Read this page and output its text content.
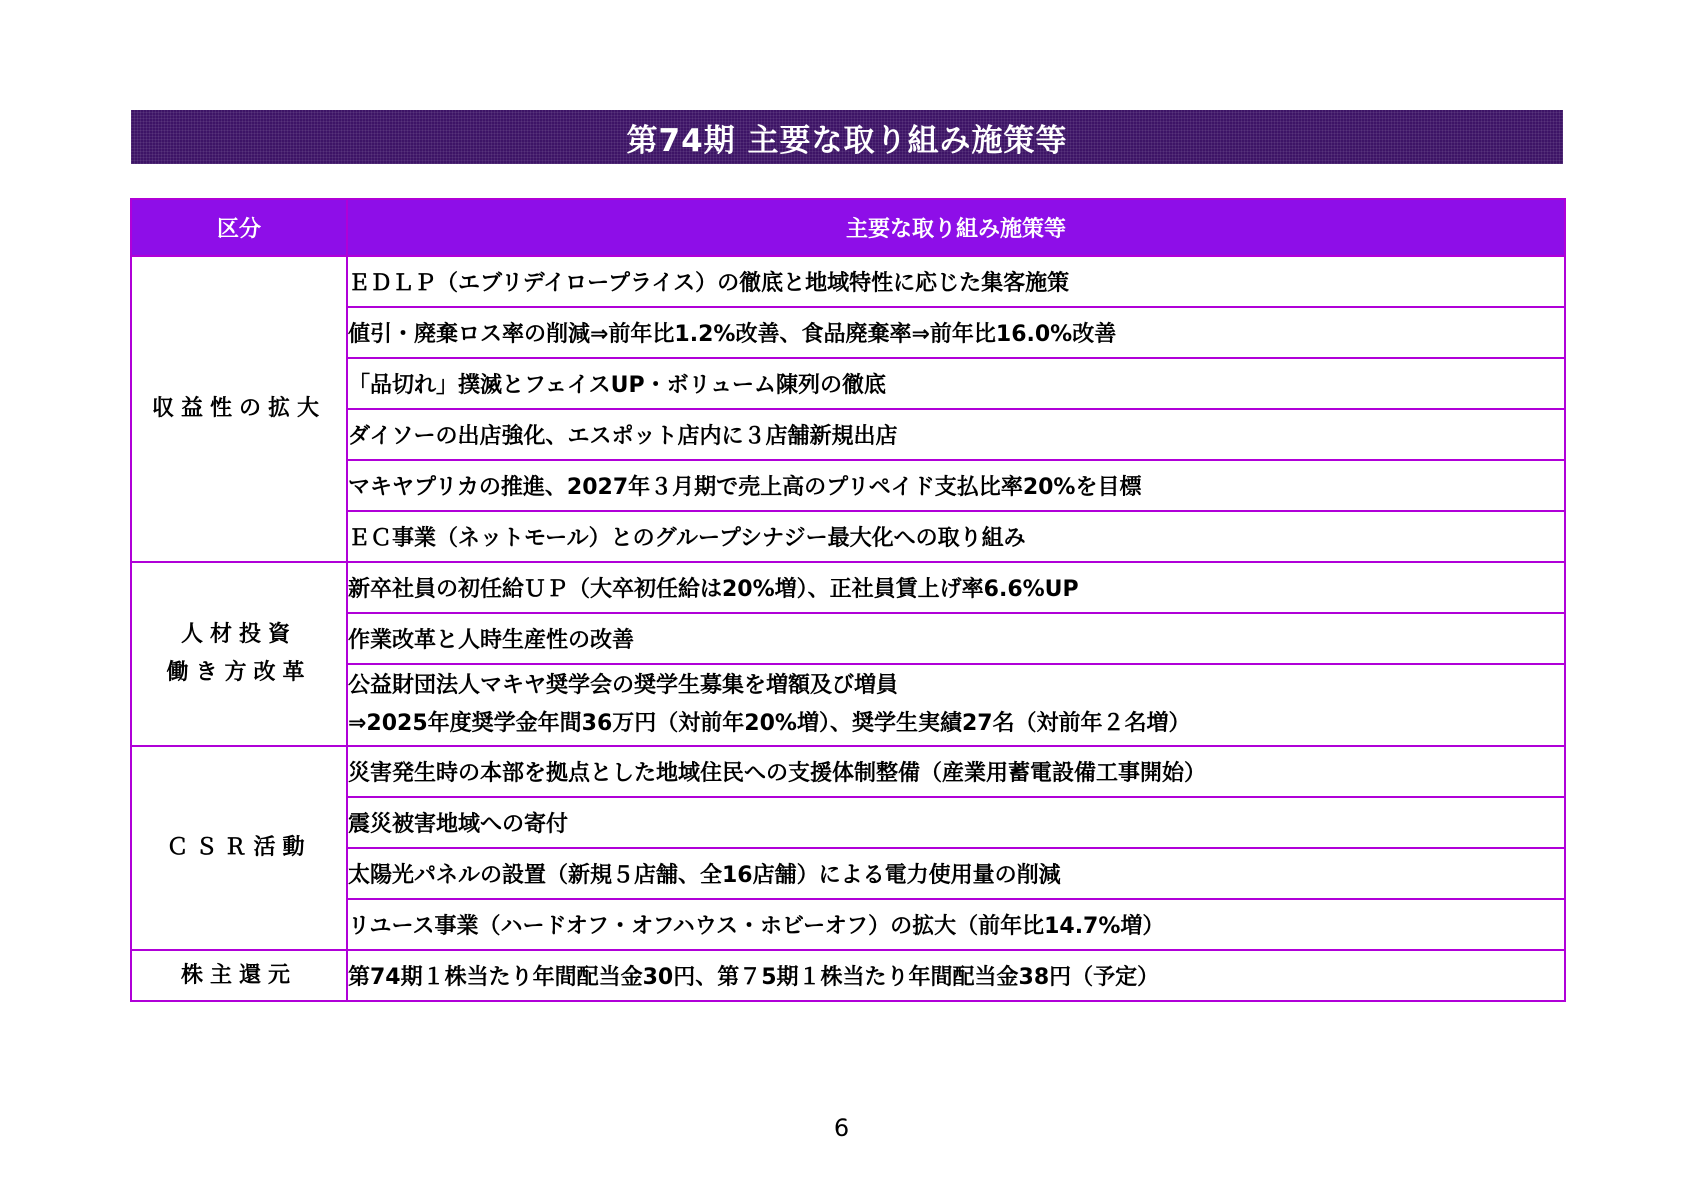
第74期 主要な取り組み施策等
区分	主要な取り組み施策等

収益性の拡大	ＥＤＬＰ（エブリデイロープライス）の徹底と地域特性に応じた集客施策

	値引・廃棄ロス率の削減⇒前年比1.2%改善、食品廃棄率⇒前年比16.0%改善

	「品切れ」撲滅とフェイスUP・ボリューム陳列の徹底

	ダイソーの出店強化、エスポット店内に３店舗新規出店

	マキヤプリカの推進、2027年３月期で売上高のプリペイド支払比率20%を目標

	ＥＣ事業（ネットモール）とのグループシナジー最大化への取り組み

人材投資
働き方改革	新卒社員の初任給ＵＰ（大卒初任給は20%増）、正社員賃上げ率6.6%UP

	作業改革と人時生産性の改善

	公益財団法人マキヤ奨学会の奨学生募集を増額及び増員
⇒2025年度奨学金年間36万円（対前年20%増）、奨学生実績27名（対前年２名増）

ＣＳＲ活動	災害発生時の本部を拠点とした地域住民への支援体制整備（産業用蓄電設備工事開始）

	震災被害地域への寄付

	太陽光パネルの設置（新規５店舗、全16店舗）による電力使用量の削減

	リユース事業（ハードオフ・オフハウス・ホビーオフ）の拡大（前年比14.7%増）

株主還元	第74期１株当たり年間配当金30円、第７5期１株当たり年間配当金38円（予定）
6
